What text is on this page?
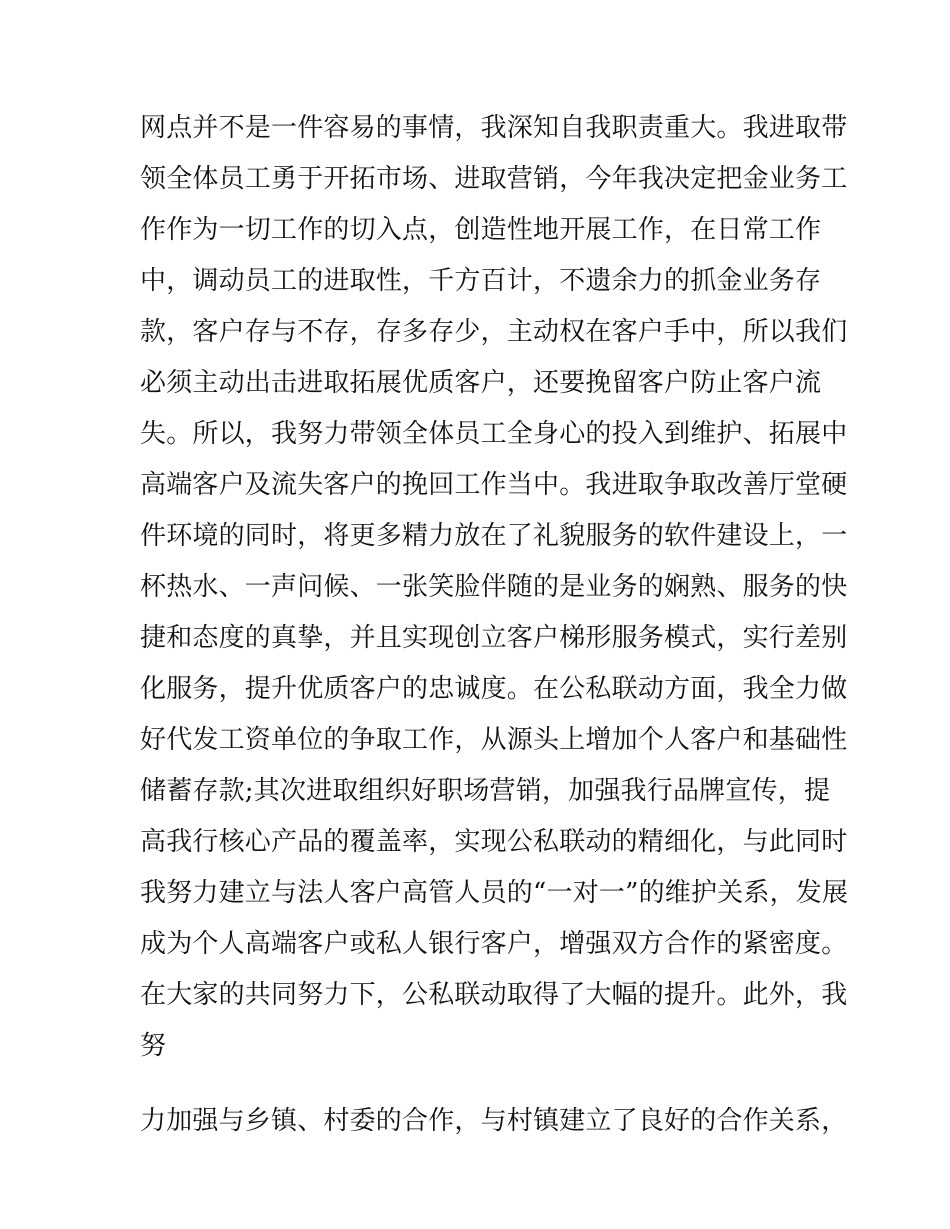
网点并不是一件容易的事情，我深知自我职责重大。我进取带
领全体员工勇于开拓市场、进取营销，今年我决定把金业务工
作作为一切工作的切入点，创造性地开展工作，在日常工作
中，调动员工的进取性，千方百计，不遗余力的抓金业务存
款，客户存与不存，存多存少，主动权在客户手中，所以我们
必须主动出击进取拓展优质客户，还要挽留客户防止客户流
失。所以，我努力带领全体员工全身心的投入到维护、拓展中
高端客户及流失客户的挽回工作当中。我进取争取改善厅堂硬
件环境的同时，将更多精力放在了礼貌服务的软件建设上，一
杯热水、一声问候、一张笑脸伴随的是业务的娴熟、服务的快
捷和态度的真挚，并且实现创立客户梯形服务模式，实行差别
化服务，提升优质客户的忠诚度。在公私联动方面，我全力做
好代发工资单位的争取工作，从源头上增加个人客户和基础性
储蓄存款;其次进取组织好职场营销，加强我行品牌宣传，提
高我行核心产品的覆盖率，实现公私联动的精细化，与此同时
我努力建立与法人客户高管人员的“一对一”的维护关系，发展
成为个人高端客户或私人银行客户，增强双方合作的紧密度。
在大家的共同努力下，公私联动取得了大幅的提升。此外，我
努
力加强与乡镇、村委的合作，与村镇建立了良好的合作关系，
